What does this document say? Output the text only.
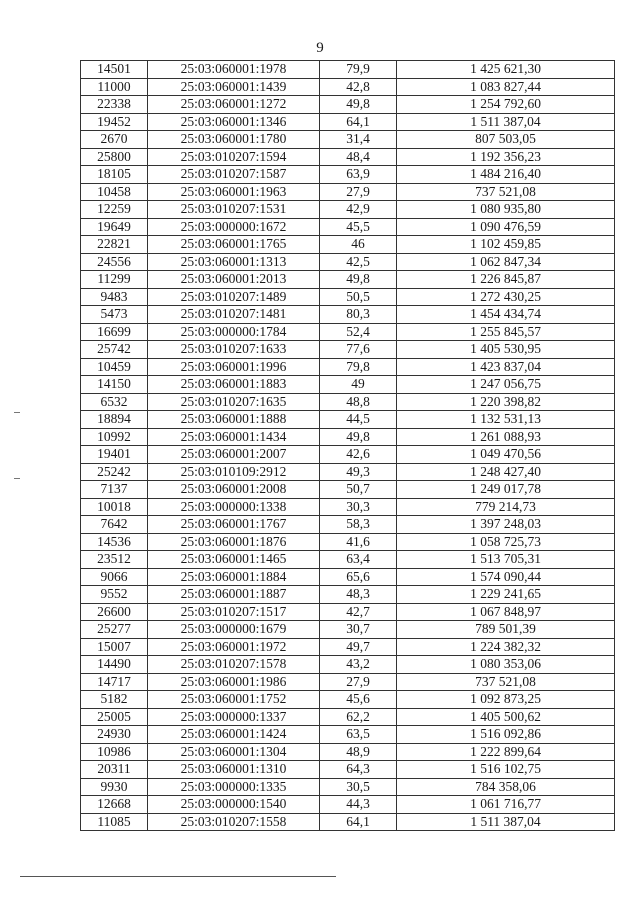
9
14501	25:03:060001:1978	79,9	1 425 621,30
11000	25:03:060001:1439	42,8	1 083 827,44
22338	25:03:060001:1272	49,8	1 254 792,60
19452	25:03:060001:1346	64,1	1 511 387,04
2670	25:03:060001:1780	31,4	807 503,05
25800	25:03:010207:1594	48,4	1 192 356,23
18105	25:03:010207:1587	63,9	1 484 216,40
10458	25:03:060001:1963	27,9	737 521,08
12259	25:03:010207:1531	42,9	1 080 935,80
19649	25:03:000000:1672	45,5	1 090 476,59
22821	25:03:060001:1765	46	1 102 459,85
24556	25:03:060001:1313	42,5	1 062 847,34
11299	25:03:060001:2013	49,8	1 226 845,87
9483	25:03:010207:1489	50,5	1 272 430,25
5473	25:03:010207:1481	80,3	1 454 434,74
16699	25:03:000000:1784	52,4	1 255 845,57
25742	25:03:010207:1633	77,6	1 405 530,95
10459	25:03:060001:1996	79,8	1 423 837,04
14150	25:03:060001:1883	49	1 247 056,75
6532	25:03:010207:1635	48,8	1 220 398,82
18894	25:03:060001:1888	44,5	1 132 531,13
10992	25:03:060001:1434	49,8	1 261 088,93
19401	25:03:060001:2007	42,6	1 049 470,56
25242	25:03:010109:2912	49,3	1 248 427,40
7137	25:03:060001:2008	50,7	1 249 017,78
10018	25:03:000000:1338	30,3	779 214,73
7642	25:03:060001:1767	58,3	1 397 248,03
14536	25:03:060001:1876	41,6	1 058 725,73
23512	25:03:060001:1465	63,4	1 513 705,31
9066	25:03:060001:1884	65,6	1 574 090,44
9552	25:03:060001:1887	48,3	1 229 241,65
26600	25:03:010207:1517	42,7	1 067 848,97
25277	25:03:000000:1679	30,7	789 501,39
15007	25:03:060001:1972	49,7	1 224 382,32
14490	25:03:010207:1578	43,2	1 080 353,06
14717	25:03:060001:1986	27,9	737 521,08
5182	25:03:060001:1752	45,6	1 092 873,25
25005	25:03:000000:1337	62,2	1 405 500,62
24930	25:03:060001:1424	63,5	1 516 092,86
10986	25:03:060001:1304	48,9	1 222 899,64
20311	25:03:060001:1310	64,3	1 516 102,75
9930	25:03:000000:1335	30,5	784 358,06
12668	25:03:000000:1540	44,3	1 061 716,77
11085	25:03:010207:1558	64,1	1 511 387,04
